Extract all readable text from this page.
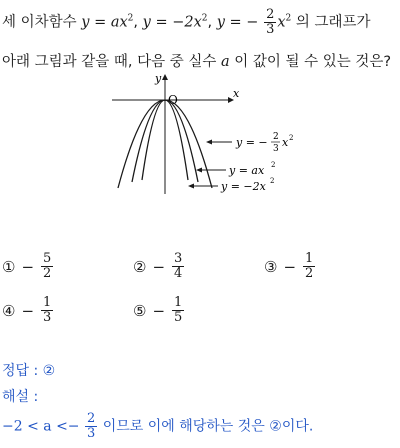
세 이차함수 $y = ax^2$, $y = -2x^2$, y = − $\frac{2}{3} x^2$ 의 그래프가
아래 그림과 같을 때, 다음 중 실수 a 이 값이 될 수 있는 것은?
y
x
O
y = − 2
3 x 2
y = ax 2
y = −2x 2
① − $\frac{5}{2}$	② − $\frac{3}{4}$	③ − $\frac{1}{2}$
④ − $\frac{1}{3}$	⑤ − $\frac{1}{5}$
정답 : ②
해설 :
$-2 < a <- \frac{2}{3}$ 이므로 이에 해당하는 것은 ②이다.
